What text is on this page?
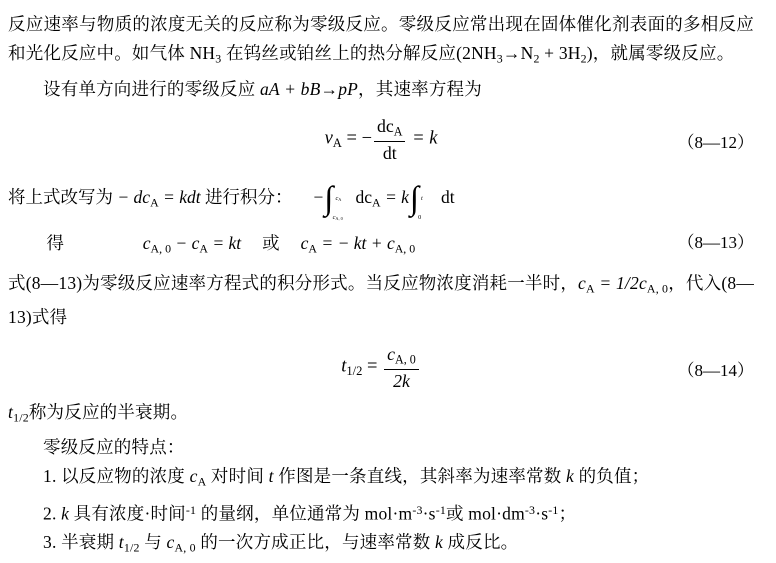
反应速率与物质的浓度无关的反应称为零级反应。零级反应常出现在固体催化剂表面的多相反应和光化反应中。如气体 $NH_3$ 在钨丝或铂丝上的热分解反应$(2NH_3\to N_2 + 3H_2)$，就属零级反应。

设有单方向进行的零级反应 aA + bB→pP，其速率方程为

$v_A$ = − $\frac{dc_A}{dt} = k$	（8—12）
将上式改写为 − $dc_A$ = kdt 进行积分： −∫ $c_A$
$c_{A, 0}$
$dc_A = k\int$ t
0
dt
得	$c_{A, 0} - c_A$ = kt 或 $c_A$ = − kt + $c_{A, 0}$	（8—13）

式(8—13)为零级反应速率方程式的积分形式。当反应物浓度消耗一半时，$c_A = 1/2c_{A, 0}$，代入(8—13)式得

$t_{1/2} = \frac{c_{A, 0}}{2k}$	（8—14）

$t_{1/2}$称为反应的半衰期。

零级反应的特点：

1. 以反应物的浓度 $c_A$ 对时间 t 作图是一条直线，其斜率为速率常数 k 的负值；

2. k 具有浓度·时间$^{-1}$ 的量纲，单位通常为 $mol\cdot m^{-3}\cdot s^{-1}$或 $mol\cdot dm^{-3}\cdot s^{-1}$；

3. 半衰期 $t_{1/2}$ 与 $c_{A, 0}$ 的一次方成正比，与速率常数 k 成反比。
